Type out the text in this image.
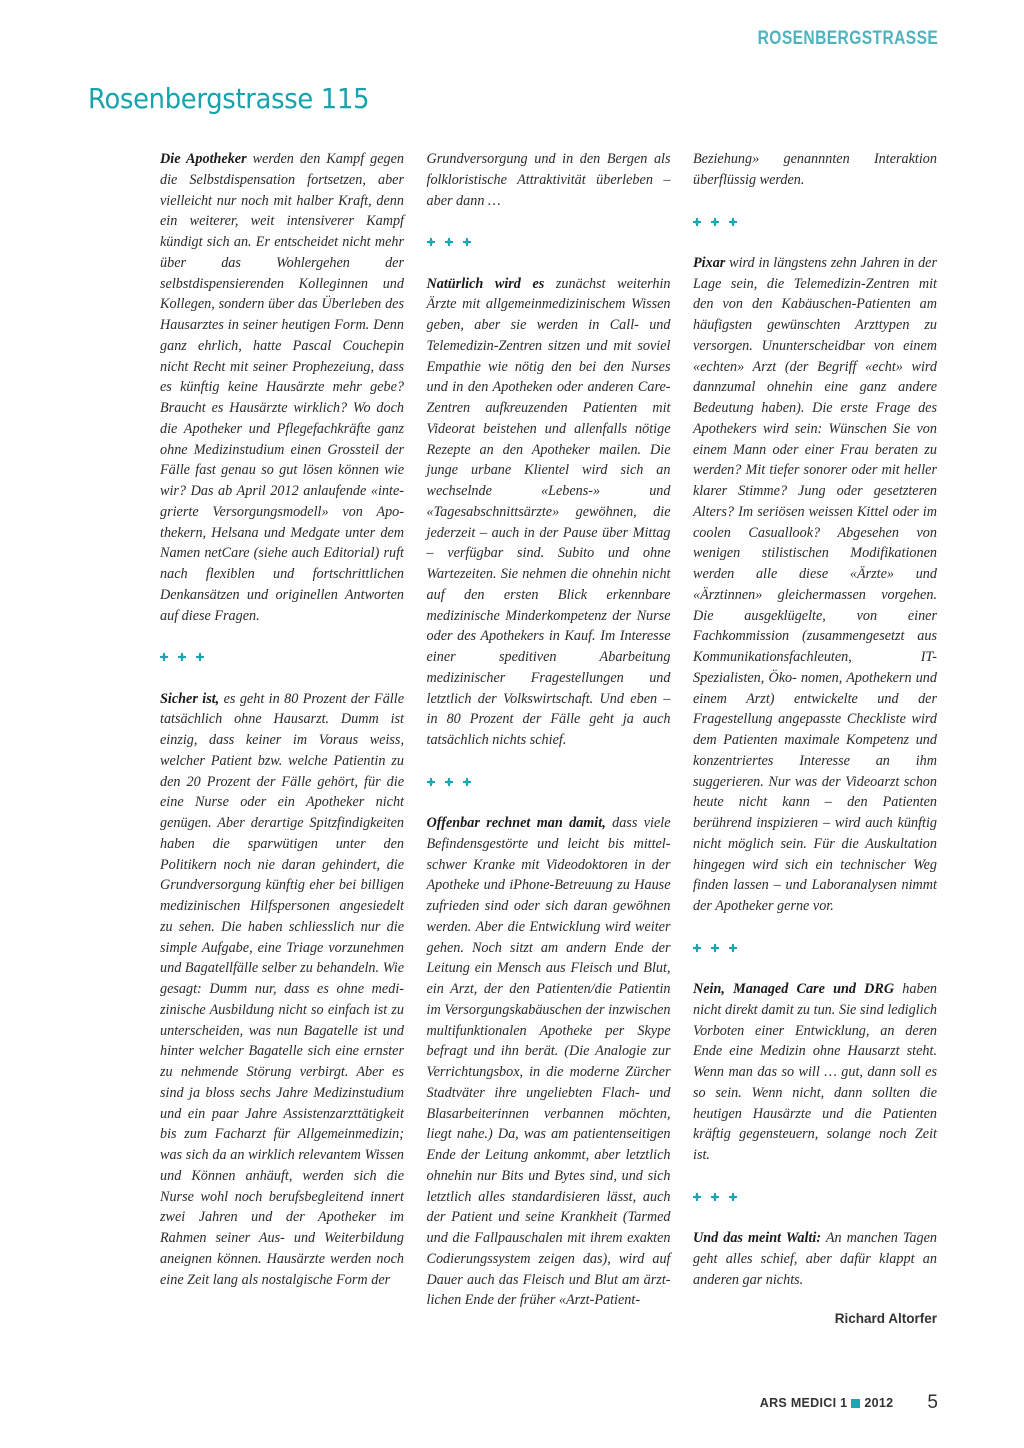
ROSENBERGSTRASSE
Rosenbergstrasse 115

Die Apotheker werden den Kampf gegen die Selbstdispensation fortsetzen, aber vielleicht nur noch mit halber Kraft, denn ein weiterer, weit intensiverer Kampf kündigt sich an. Er entscheidet nicht mehr über das Wohlergehen der selbstdispensierenden Kolleginnen und Kollegen, sondern über das Überleben des Hausarztes in seiner heutigen Form. Denn ganz ehrlich, hatte Pascal Couchepin nicht Recht mit seiner Prophezeiung, dass es künftig keine Hausärzte mehr gebe? Braucht es Hausärzte wirklich? Wo doch die Apotheker und Pflegefachkräfte ganz ohne Medizinstudium einen Grossteil der Fälle fast genau so gut lösen können wie wir? Das ab April 2012 anlaufende «integrierte Versorgungsmodell» von Apothekern, Helsana und Medgate unter dem Namen netCare (siehe auch Editorial) ruft nach flexiblen und fortschrittlichen Denkansätzen und originellen Antworten auf diese Fragen.

Sicher ist, es geht in 80 Prozent der Fälle tatsächlich ohne Hausarzt. Dumm ist einzig, dass keiner im Voraus weiss, welcher Patient bzw. welche Patientin zu den 20 Prozent der Fälle gehört, für die eine Nurse oder ein Apotheker nicht genügen. Aber derartige Spitzfindigkeiten haben die sparwütigen unter den Politikern noch nie daran gehindert, die Grundversorgung künftig eher bei billigen medizinischen Hilfspersonen angesiedelt zu sehen. Die haben schliesslich nur die simple Aufgabe, eine Triage vorzunehmen und Bagatellfälle selber zu behandeln. Wie gesagt: Dumm nur, dass es ohne medizinische Ausbildung nicht so einfach ist zu unterscheiden, was nun Bagatelle ist und hinter welcher Bagatelle sich eine ernster zu nehmende Störung verbirgt. Aber es sind ja bloss sechs Jahre Medizinstudium und ein paar Jahre Assistenzarzttätigkeit bis zum Facharzt für Allgemeinmedizin; was sich da an wirklich relevantem Wissen und Können anhäuft, werden sich die Nurse wohl noch berufsbegleitend innert zwei Jahren und der Apotheker im Rahmen seiner Aus- und Weiterbildung aneignen können. Hausärzte werden noch eine Zeit lang als nostalgische Form der

Grundversorgung und in den Bergen als folkloristische Attraktivität überleben – aber dann …

Natürlich wird es zunächst weiterhin Ärzte mit allgemeinmedizinischem Wissen geben, aber sie werden in Call- und Telemedizin-Zentren sitzen und mit soviel Empathie wie nötig den bei den Nurses und in den Apotheken oder anderen Care-Zentren aufkreuzenden Patienten mit Videorat beistehen und allenfalls nötige Rezepte an den Apotheker mailen. Die junge urbane Klientel wird sich an wechselnde «Lebens-» und «Tagesabschnittsärzte» gewöhnen, die jederzeit – auch in der Pause über Mittag – verfügbar sind. Subito und ohne Wartezeiten. Sie nehmen die ohnehin nicht auf den ersten Blick erkennbare medizinische Minderkompetenz der Nurse oder des Apothekers in Kauf. Im Interesse einer speditiven Abarbeitung medizinischer Fragestellungen und letztlich der Volkswirtschaft. Und eben – in 80 Prozent der Fälle geht ja auch tatsächlich nichts schief.

Offenbar rechnet man damit, dass viele Befindensgestörte und leicht bis mittelschwer Kranke mit Videodoktoren in der Apotheke und iPhone-Betreuung zu Hause zufrieden sind oder sich daran gewöhnen werden. Aber die Entwicklung wird weiter gehen. Noch sitzt am andern Ende der Leitung ein Mensch aus Fleisch und Blut, ein Arzt, der den Patienten/die Patientin im Versorgungskabäuschen der inzwischen multifunktionalen Apotheke per Skype befragt und ihn berät. (Die Analogie zur Verrichtungsbox, in die moderne Zürcher Stadtväter ihre ungeliebten Flach- und Blasarbeiterinnen verbannen möchten, liegt nahe.) Da, was am patientenseitigen Ende der Leitung ankommt, aber letztlich ohnehin nur Bits und Bytes sind, und sich letztlich alles standardisieren lässt, auch der Patient und seine Krankheit (Tarmed und die Fallpauschalen mit ihrem exakten Codierungssystem zeigen das), wird auf Dauer auch das Fleisch und Blut am ärztlichen Ende der früher «Arzt-Patient-

Beziehung» genannnten Interaktion überflüssig werden.

Pixar wird in längstens zehn Jahren in der Lage sein, die Telemedizin-Zentren mit den von den Kabäuschen-Patienten am häufigsten gewünschten Arzttypen zu versorgen. Ununterscheidbar von einem «echten» Arzt (der Begriff «echt» wird dannzumal ohnehin eine ganz andere Bedeutung haben). Die erste Frage des Apothekers wird sein: Wünschen Sie von einem Mann oder einer Frau beraten zu werden? Mit tiefer sonorer oder mit heller klarer Stimme? Jung oder gesetzteren Alters? Im seriösen weissen Kittel oder im coolen Casuallook? Abgesehen von wenigen stilistischen Modifikationen werden alle diese «Ärzte» und «Ärztinnen» gleichermassen vorgehen. Die ausgeklügelte, von einer Fachkommission (zusammengesetzt aus Kommunikationsfachleuten, IT-Spezialisten, Öko- nomen, Apothekern und einem Arzt) entwickelte und der Fragestellung angepasste Checkliste wird dem Patienten maximale Kompetenz und konzentriertes Interesse an ihm suggerieren. Nur was der Videoarzt schon heute nicht kann – den Patienten berührend inspizieren – wird auch künftig nicht möglich sein. Für die Auskultation hingegen wird sich ein technischer Weg finden lassen – und Laboranalysen nimmt der Apotheker gerne vor.

Nein, Managed Care und DRG haben nicht direkt damit zu tun. Sie sind lediglich Vorboten einer Entwicklung, an deren Ende eine Medizin ohne Hausarzt steht. Wenn man das so will … gut, dann soll es so sein. Wenn nicht, dann sollten die heutigen Hausärzte und die Patienten kräftig gegensteuern, solange noch Zeit ist.

Und das meint Walti: An manchen Tagen geht alles schief, aber dafür klappt an anderen gar nichts.

Richard Altorfer
ARS MEDICI 1 2012 5
